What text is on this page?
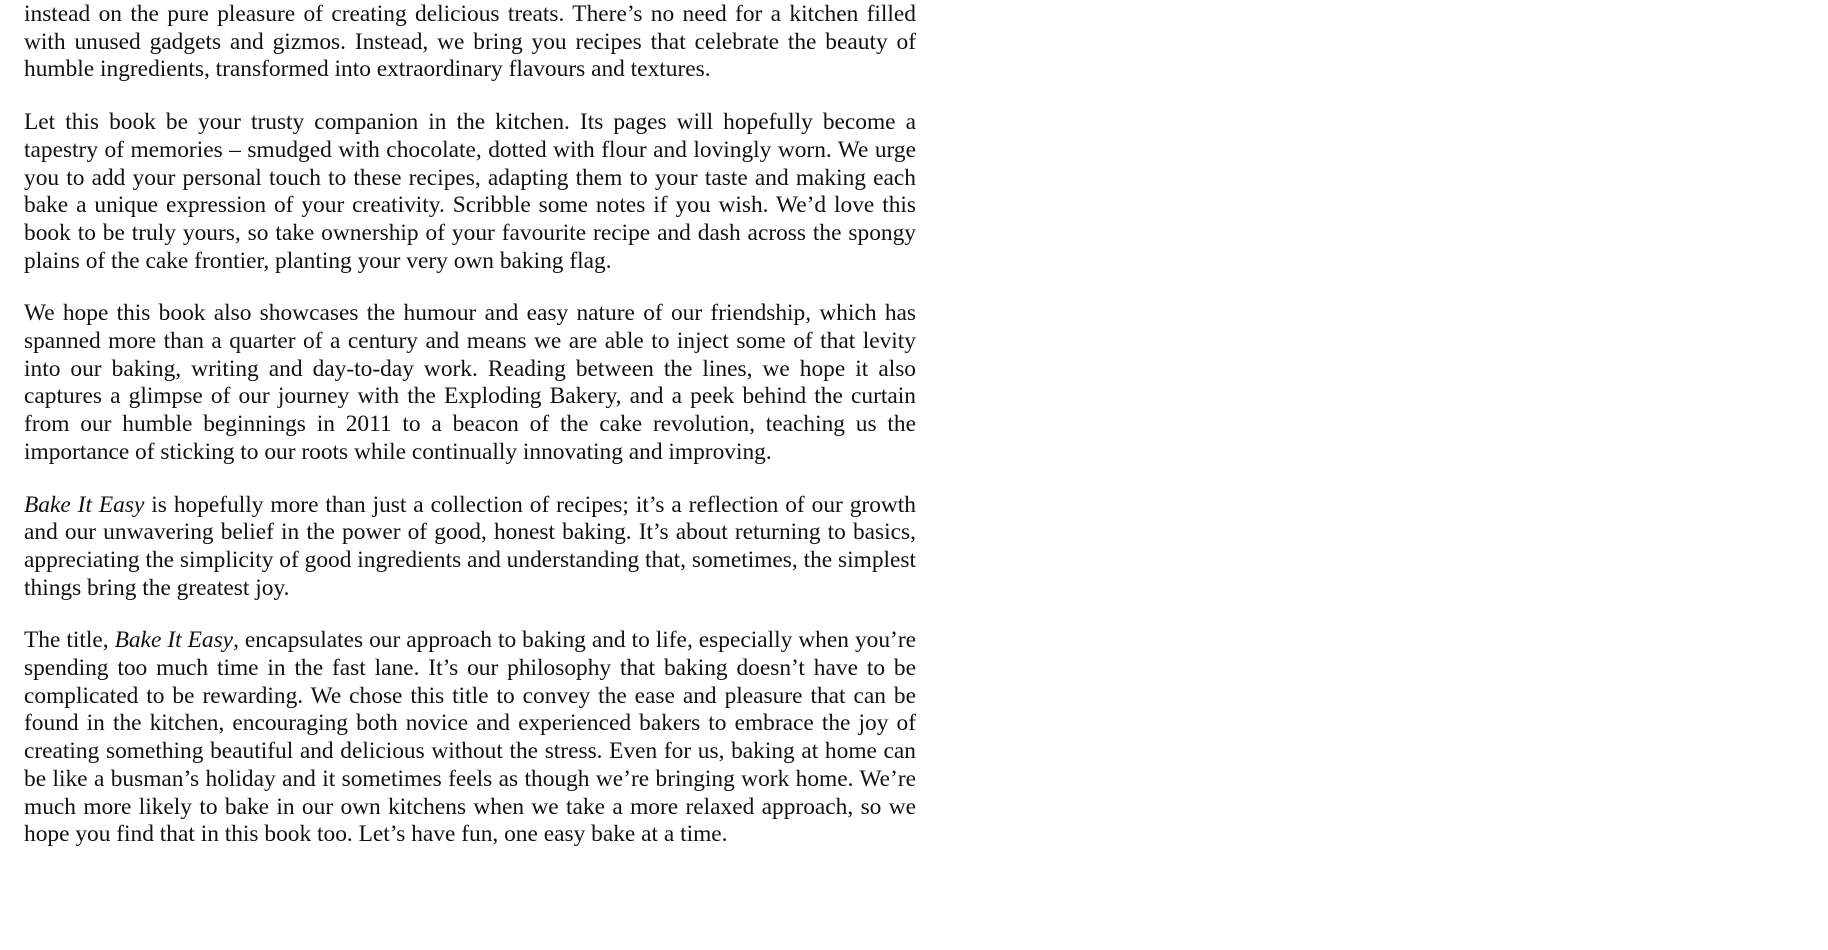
instead on the pure pleasure of creating delicious treats. There’s no need for a kitchen filled with unused gadgets and gizmos. Instead, we bring you recipes that celebrate the beauty of humble ingredients, transformed into extraordinary flavours and textures.

Let this book be your trusty companion in the kitchen. Its pages will hopefully become a tapestry of memories – smudged with chocolate, dotted with flour and lovingly worn. We urge you to add your personal touch to these recipes, adapting them to your taste and making each bake a unique expression of your creativity. Scribble some notes if you wish. We’d love this book to be truly yours, so take ownership of your favourite recipe and dash across the spongy plains of the cake frontier, planting your very own baking flag.

We hope this book also showcases the humour and easy nature of our friendship, which has spanned more than a quarter of a century and means we are able to inject some of that levity into our baking, writing and day-to-day work. Reading between the lines, we hope it also captures a glimpse of our journey with the Exploding Bakery, and a peek behind the curtain from our humble beginnings in 2011 to a beacon of the cake revolution, teaching us the importance of sticking to our roots while continually innovating and improving.

Bake It Easy is hopefully more than just a collection of recipes; it’s a reflection of our growth and our unwavering belief in the power of good, honest baking. It’s about returning to basics, appreciating the simplicity of good ingredients and understanding that, sometimes, the simplest things bring the greatest joy.

The title, Bake It Easy, encapsulates our approach to baking and to life, especially when you’re spending too much time in the fast lane. It’s our philosophy that baking doesn’t have to be complicated to be rewarding. We chose this title to convey the ease and pleasure that can be found in the kitchen, encouraging both novice and experienced bakers to embrace the joy of creating something beautiful and delicious without the stress. Even for us, baking at home can be like a busman’s holiday and it sometimes feels as though we’re bringing work home. We’re much more likely to bake in our own kitchens when we take a more relaxed approach, so we hope you find that in this book too. Let’s have fun, one easy bake at a time.
